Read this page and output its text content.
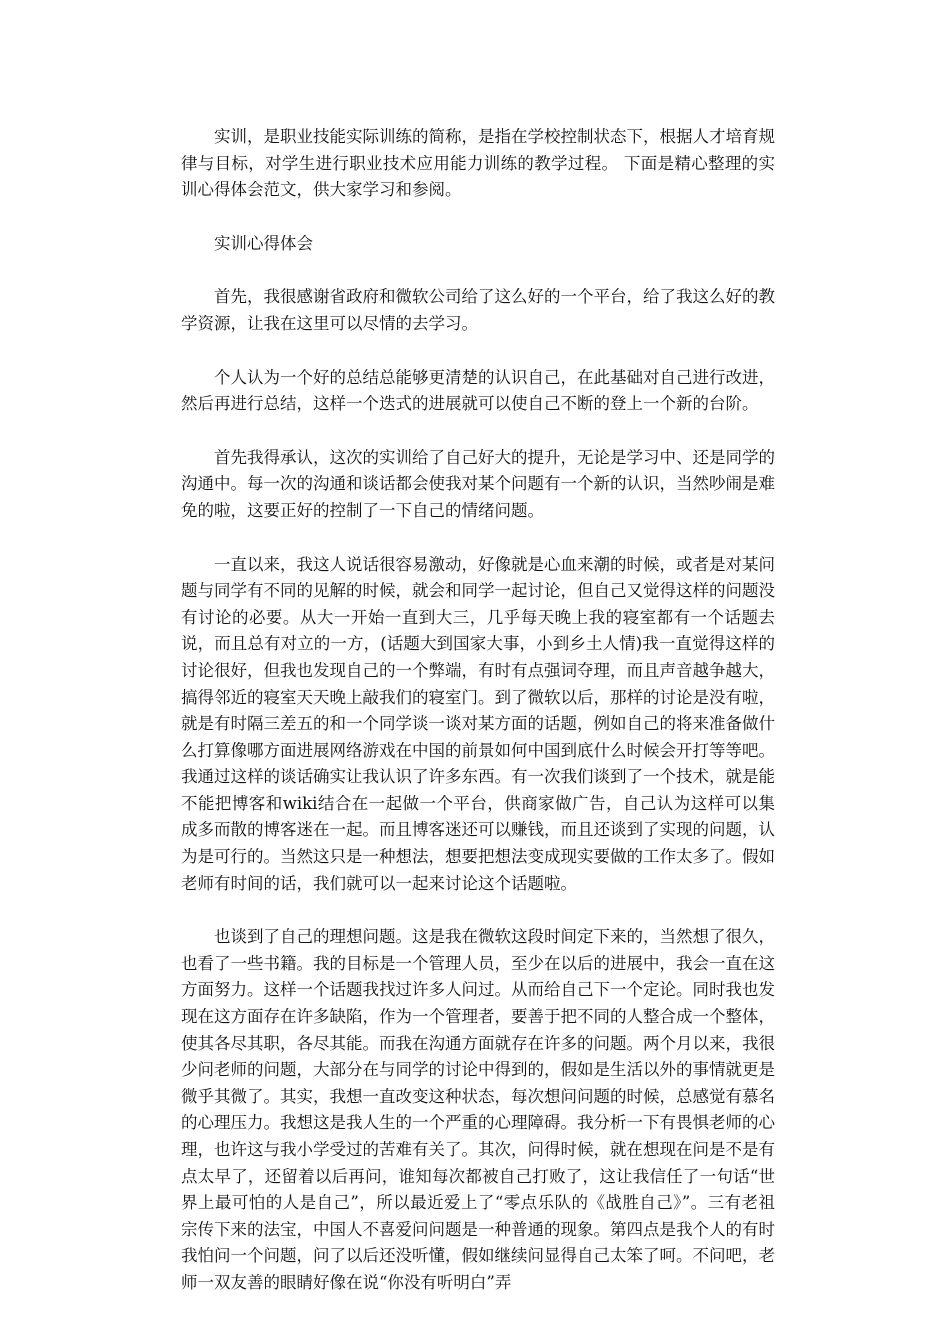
实训，是职业技能实际训练的简称，是指在学校控制状态下，根据人才培育规律与目标，对学生进行职业技术应用能力训练的教学过程。 下面是精心整理的实训心得体会范文，供大家学习和参阅。

实训心得体会

首先，我很感谢省政府和微软公司给了这么好的一个平台，给了我这么好的教学资源，让我在这里可以尽情的去学习。

个人认为一个好的总结总能够更清楚的认识自己，在此基础对自己进行改进，然后再进行总结，这样一个迭式的进展就可以使自己不断的登上一个新的台阶。

首先我得承认，这次的实训给了自己好大的提升，无论是学习中、还是同学的沟通中。每一次的沟通和谈话都会使我对某个问题有一个新的认识，当然吵闹是难免的啦，这要正好的控制了一下自己的情绪问题。

一直以来，我这人说话很容易激动，好像就是心血来潮的时候，或者是对某问题与同学有不同的见解的时候，就会和同学一起讨论，但自己又觉得这样的问题没有讨论的必要。从大一开始一直到大三，几乎每天晚上我的寝室都有一个话题去说，而且总有对立的一方，(话题大到国家大事，小到乡土人情)我一直觉得这样的讨论很好，但我也发现自己的一个弊端，有时有点强词夺理，而且声音越争越大，搞得邻近的寝室天天晚上敲我们的寝室门。到了微软以后，那样的讨论是没有啦，就是有时隔三差五的和一个同学谈一谈对某方面的话题，例如自己的将来准备做什么打算像哪方面进展网络游戏在中国的前景如何中国到底什么时候会开打等等吧。我通过这样的谈话确实让我认识了许多东西。有一次我们谈到了一个技术，就是能不能把博客和wiki结合在一起做一个平台，供商家做广告，自己认为这样可以集成多而散的博客迷在一起。而且博客迷还可以赚钱，而且还谈到了实现的问题，认为是可行的。当然这只是一种想法，想要把想法变成现实要做的工作太多了。假如老师有时间的话，我们就可以一起来讨论这个话题啦。

也谈到了自己的理想问题。这是我在微软这段时间定下来的，当然想了很久，也看了一些书籍。我的目标是一个管理人员，至少在以后的进展中，我会一直在这方面努力。这样一个话题我找过许多人问过。从而给自己下一个定论。同时我也发现在这方面存在许多缺陷，作为一个管理者，要善于把不同的人整合成一个整体，使其各尽其职，各尽其能。而我在沟通方面就存在许多的问题。两个月以来，我很少问老师的问题，大部分在与同学的讨论中得到的，假如是生活以外的事情就更是微乎其微了。其实，我想一直改变这种状态，每次想问问题的时候，总感觉有慕名的心理压力。我想这是我人生的一个严重的心理障碍。我分析一下有畏惧老师的心理，也许这与我小学受过的苦难有关了。其次，问得时候，就在想现在问是不是有点太早了，还留着以后再问，谁知每次都被自己打败了，这让我信任了一句话“世界上最可怕的人是自己”，所以最近爱上了“零点乐队的《战胜自己》”。三有老祖宗传下来的法宝，中国人不喜爱问问题是一种普通的现象。第四点是我个人的有时我怕问一个问题，问了以后还没听懂，假如继续问显得自己太笨了呵。不问吧，老师一双友善的眼睛好像在说“你没有听明白”弄
